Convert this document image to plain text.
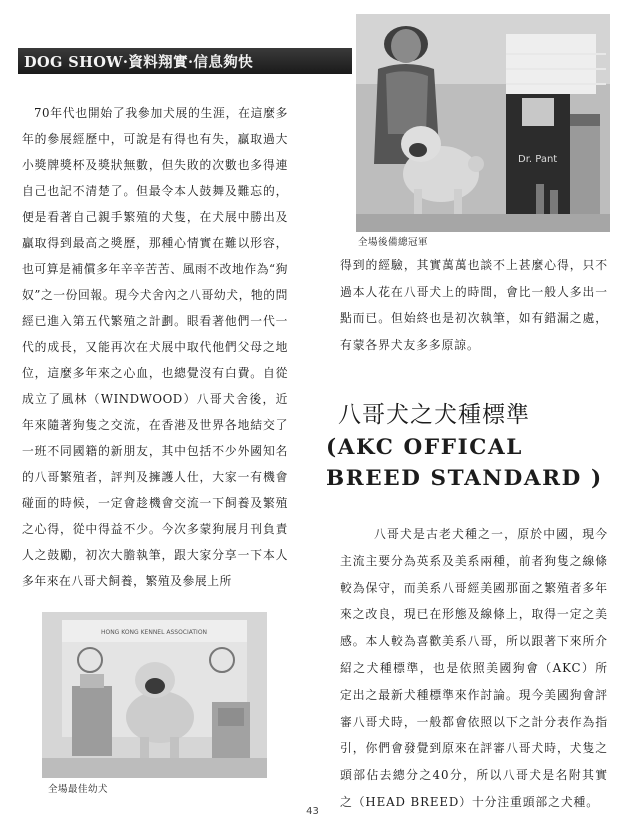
DOG SHOW·資料翔實·信息夠快
70年代也開始了我參加犬展的生涯，在這麼多年的參展經歷中，可說是有得也有失，贏取過大小獎牌獎杯及獎狀無數，但失敗的次數也多得連自己也記不清楚了。但最令本人鼓舞及難忘的，便是看著自己親手繁殖的犬隻，在犬展中勝出及贏取得到最高之獎歷，那種心情實在難以形容，也可算是補償多年辛辛苦苦、風雨不改地作為“狗奴”之一份回報。現今犬舍內之八哥幼犬，牠的問經已進入第五代繁殖之計劃。眼看著他們一代一代的成長，又能再次在犬展中取代他們父母之地位，這麼多年來之心血，也總覺沒有白費。自從成立了風林（WINDWOOD）八哥犬舍後，近年來隨著狗隻之交流，在香港及世界各地結交了一班不同國籍的新朋友，其中包括不少外國知名的八哥繁殖者，評判及擁護人仕，大家一有機會碰面的時候，一定會趁機會交流一下飼養及繁殖之心得，從中得益不少。今次多蒙狗展月刊負責人之鼓勵，初次大膽執筆，跟大家分享一下本人多年來在八哥犬飼養，繁殖及參展上所
Dr. Pant
全場後備總冠軍
得到的經驗，其實萬萬也談不上甚麼心得，只不過本人花在八哥犬上的時間，會比一般人多出一點而已。但始終也是初次執筆，如有錯漏之處，有蒙各界犬友多多原諒。
八哥犬之犬種標準
(AKC OFFICAL BREED STANDARD )
八哥犬是古老犬種之一，原於中國，現今主流主要分為英系及美系兩種，前者狗隻之線條較為保守，而美系八哥經美國那面之繁殖者多年來之改良，現已在形態及線條上，取得一定之美感。本人較為喜歡美系八哥，所以跟著下來所介紹之犬種標準，也是依照美國狗會（AKC）所定出之最新犬種標準來作討論。現今美國狗會評審八哥犬時，一般都會依照以下之計分表作為指引，你們會發覺到原來在評審八哥犬時，犬隻之頭部佔去總分之40分，所以八哥犬是名附其實之（HEAD BREED）十分注重頭部之犬種。
HONG KONG KENNEL ASSOCIATION
全場最佳幼犬
43
